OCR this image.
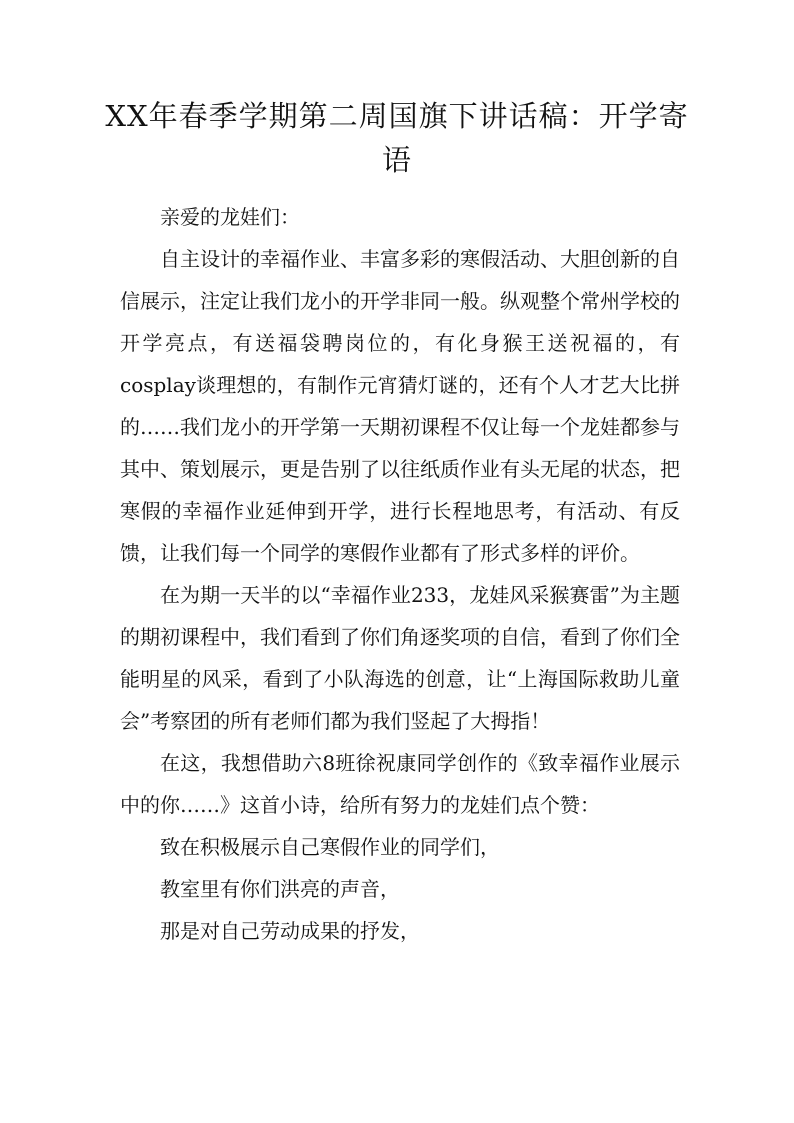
XX年春季学期第二周国旗下讲话稿：开学寄语

亲爱的龙娃们：

自主设计的幸福作业、丰富多彩的寒假活动、大胆创新的自信展示，注定让我们龙小的开学非同一般。纵观整个常州学校的开学亮点，有送福袋聘岗位的，有化身猴王送祝福的，有cosplay谈理想的，有制作元宵猜灯谜的，还有个人才艺大比拼的……我们龙小的开学第一天期初课程不仅让每一个龙娃都参与其中、策划展示，更是告别了以往纸质作业有头无尾的状态，把寒假的幸福作业延伸到开学，进行长程地思考，有活动、有反馈，让我们每一个同学的寒假作业都有了形式多样的评价。

在为期一天半的以“幸福作业233，龙娃风采猴赛雷”为主题的期初课程中，我们看到了你们角逐奖项的自信，看到了你们全能明星的风采，看到了小队海选的创意，让“上海国际救助儿童会”考察团的所有老师们都为我们竖起了大拇指！

在这，我想借助六8班徐祝康同学创作的《致幸福作业展示中的你……》这首小诗，给所有努力的龙娃们点个赞：

致在积极展示自己寒假作业的同学们，

教室里有你们洪亮的声音，

那是对自己劳动成果的抒发，
